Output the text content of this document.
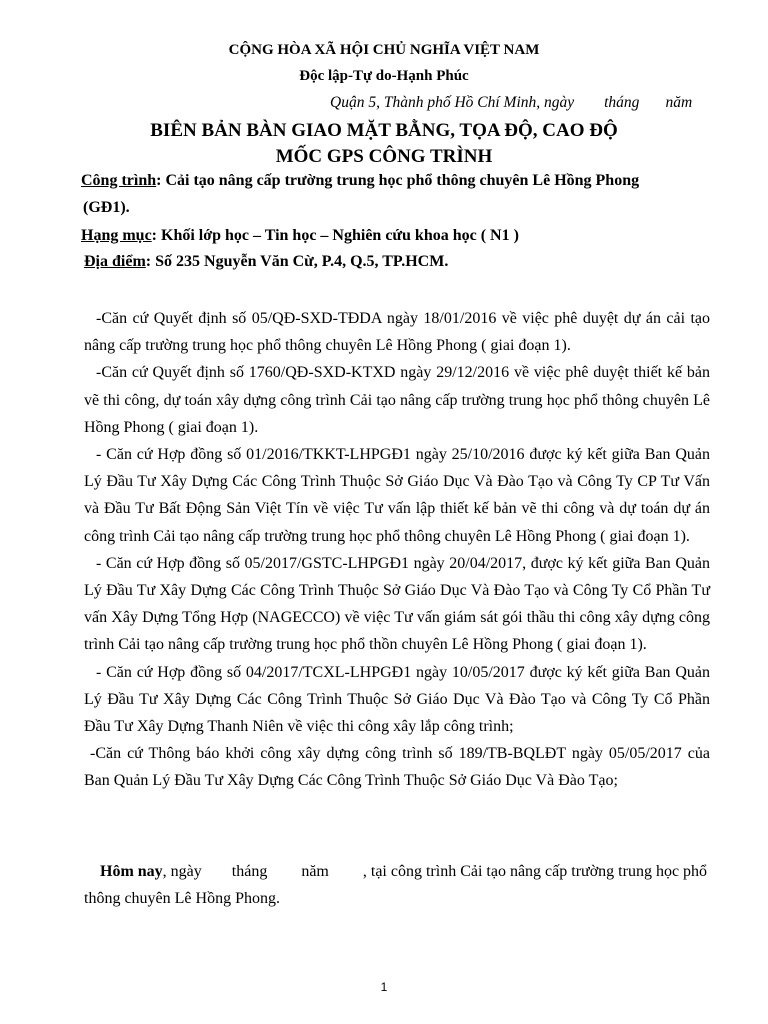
CỘNG HÒA XÃ HỘI CHỦ NGHĨA VIỆT NAM
Độc lập-Tự do-Hạnh Phúc
Quận 5, Thành phố Hồ Chí Minh, ngày tháng năm
BIÊN BẢN BÀN GIAO MẶT BẰNG, TỌA ĐỘ, CAO ĐỘ
MỐC GPS CÔNG TRÌNH
Công trình: Cải tạo nâng cấp trường trung học phổ thông chuyên Lê Hồng Phong
(GĐ1).
Hạng mục: Khối lớp học – Tin học – Nghiên cứu khoa học ( N1 )
Địa điểm: Số 235 Nguyễn Văn Cừ, P.4, Q.5, TP.HCM.

-Căn cứ Quyết định số 05/QĐ-SXD-TĐDA ngày 18/01/2016 về việc phê duyệt dự án cải tạo nâng cấp trường trung học phổ thông chuyên Lê Hồng Phong ( giai đoạn 1).

-Căn cứ Quyết định số 1760/QĐ-SXD-KTXD ngày 29/12/2016 về việc phê duyệt thiết kế bản vẽ thi công, dự toán xây dựng công trình Cải tạo nâng cấp trường trung học phổ thông chuyên Lê Hồng Phong ( giai đoạn 1).

- Căn cứ Hợp đồng số 01/2016/TKKT-LHPGĐ1 ngày 25/10/2016 được ký kết giữa Ban Quản Lý Đầu Tư Xây Dựng Các Công Trình Thuộc Sở Giáo Dục Và Đào Tạo và Công Ty CP Tư Vấn và Đầu Tư Bất Động Sản Việt Tín về việc Tư vấn lập thiết kế bản vẽ thi công và dự toán dự án công trình Cải tạo nâng cấp trường trung học phổ thông chuyên Lê Hồng Phong ( giai đoạn 1).

- Căn cứ Hợp đồng số 05/2017/GSTC-LHPGĐ1 ngày 20/04/2017, được ký kết giữa Ban Quản Lý Đầu Tư Xây Dựng Các Công Trình Thuộc Sở Giáo Dục Và Đào Tạo và Công Ty Cổ Phần Tư vấn Xây Dựng Tổng Hợp (NAGECCO) về việc Tư vấn giám sát gói thầu thi công xây dựng công trình Cải tạo nâng cấp trường trung học phổ thồn chuyên Lê Hồng Phong ( giai đoạn 1).

- Căn cứ Hợp đồng số 04/2017/TCXL-LHPGĐ1 ngày 10/05/2017 được ký kết giữa Ban Quản Lý Đầu Tư Xây Dựng Các Công Trình Thuộc Sở Giáo Dục Và Đào Tạo và Công Ty Cổ Phần Đầu Tư Xây Dựng Thanh Niên về việc thi công xây lắp công trình;

-Căn cứ Thông báo khởi công xây dựng công trình số 189/TB-BQLĐT ngày 05/05/2017 của Ban Quản Lý Đầu Tư Xây Dựng Các Công Trình Thuộc Sở Giáo Dục Và Đào Tạo;

Hôm nay, ngày tháng năm , tại công trình Cải tạo nâng cấp trường trung học phổ thông chuyên Lê Hồng Phong.
1
